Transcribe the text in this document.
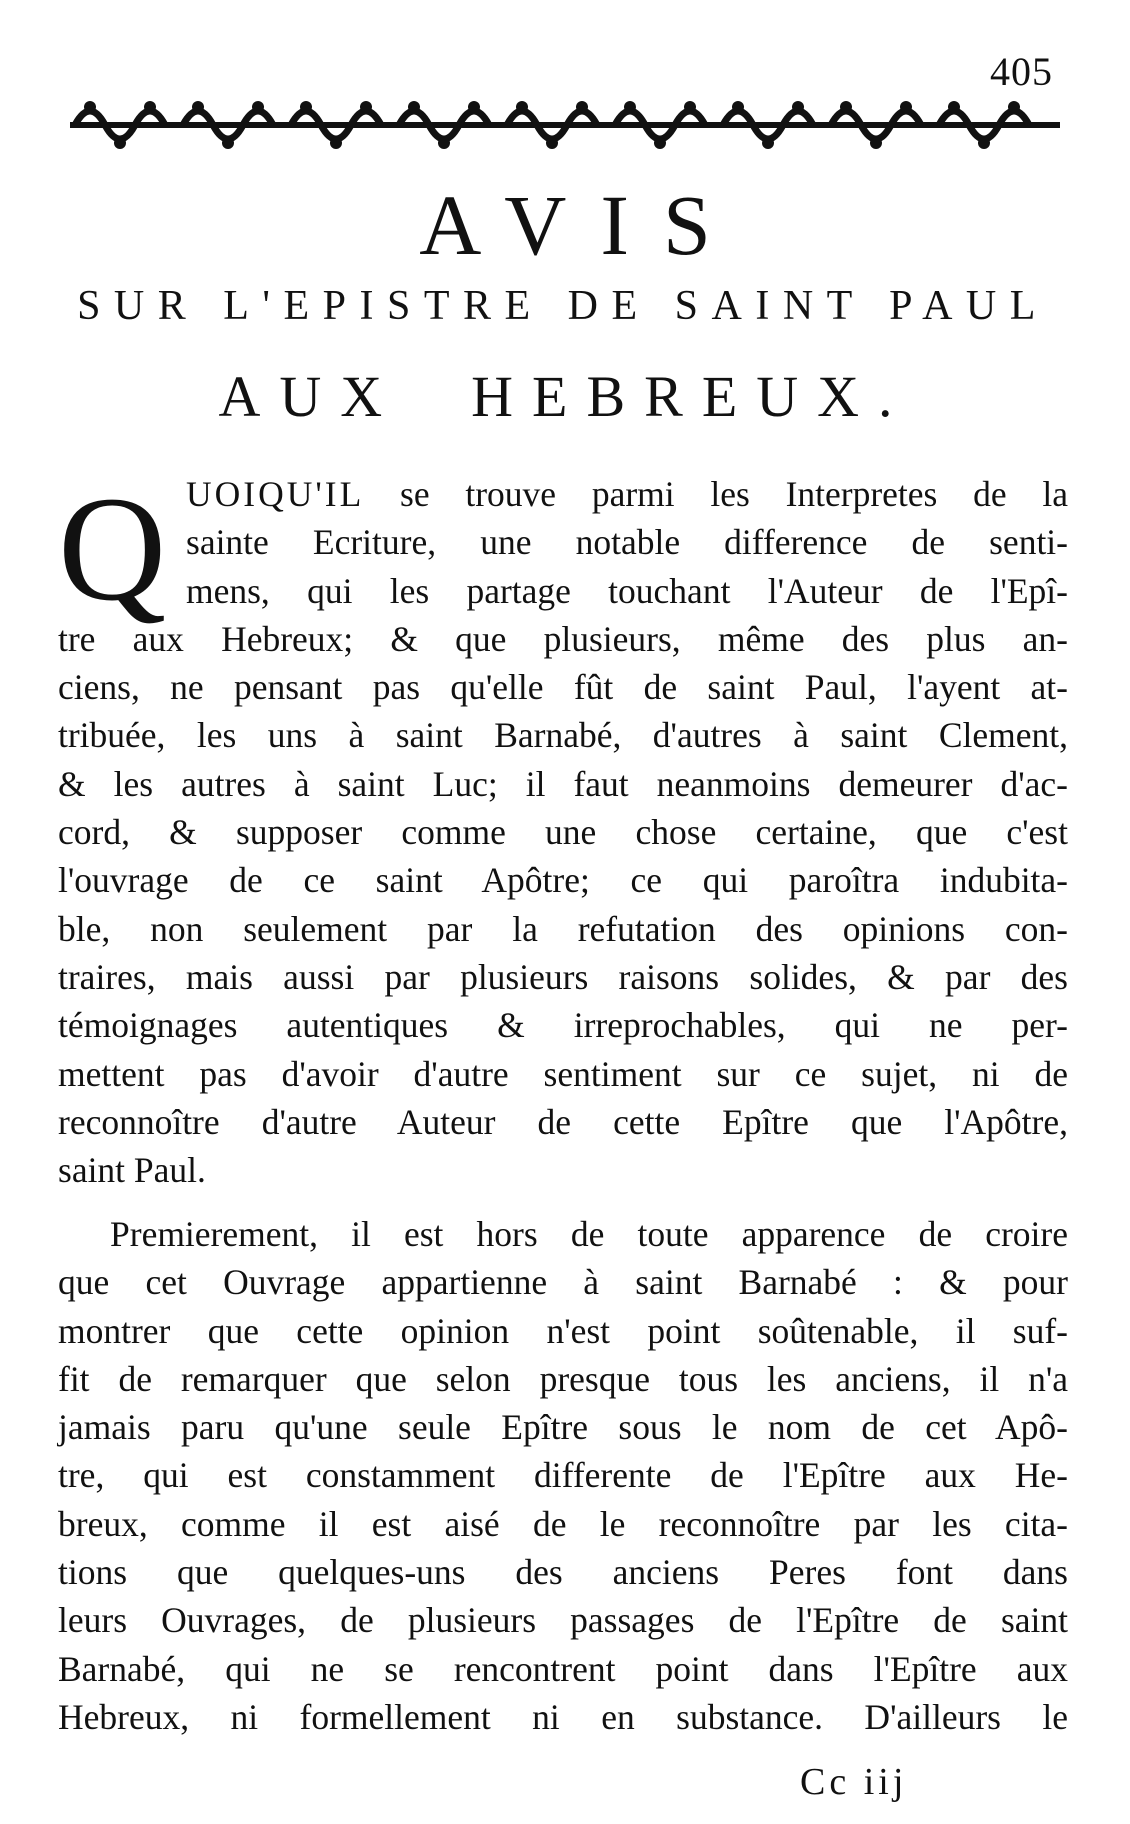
405
AVIS
SUR L'EPISTRE DE SAINT PAUL
AUX HEBREUX.
Q UOIQU'IL se trouve parmi les Interpretes de la
sainte Ecriture, une notable difference de senti-
mens, qui les partage touchant l'Auteur de l'Epî-
tre aux Hebreux; & que plusieurs, même des plus an-
ciens, ne pensant pas qu'elle fût de saint Paul, l'ayent at-
tribuée, les uns à saint Barnabé, d'autres à saint Clement,
& les autres à saint Luc; il faut neanmoins demeurer d'ac-
cord, & supposer comme une chose certaine, que c'est
l'ouvrage de ce saint Apôtre; ce qui paroîtra indubita-
ble, non seulement par la refutation des opinions con-
traires, mais aussi par plusieurs raisons solides, & par des
témoignages autentiques & irreprochables, qui ne per-
mettent pas d'avoir d'autre sentiment sur ce sujet, ni de
reconnoître d'autre Auteur de cette Epître que l'Apôtre,
saint Paul.
Premierement, il est hors de toute apparence de croire
que cet Ouvrage appartienne à saint Barnabé : & pour
montrer que cette opinion n'est point soûtenable, il suf-
fit de remarquer que selon presque tous les anciens, il n'a
jamais paru qu'une seule Epître sous le nom de cet Apô-
tre, qui est constamment differente de l'Epître aux He-
breux, comme il est aisé de le reconnoître par les cita-
tions que quelques-uns des anciens Peres font dans
leurs Ouvrages, de plusieurs passages de l'Epître de saint
Barnabé, qui ne se rencontrent point dans l'Epître aux
Hebreux, ni formellement ni en substance. D'ailleurs le
Cc iij
